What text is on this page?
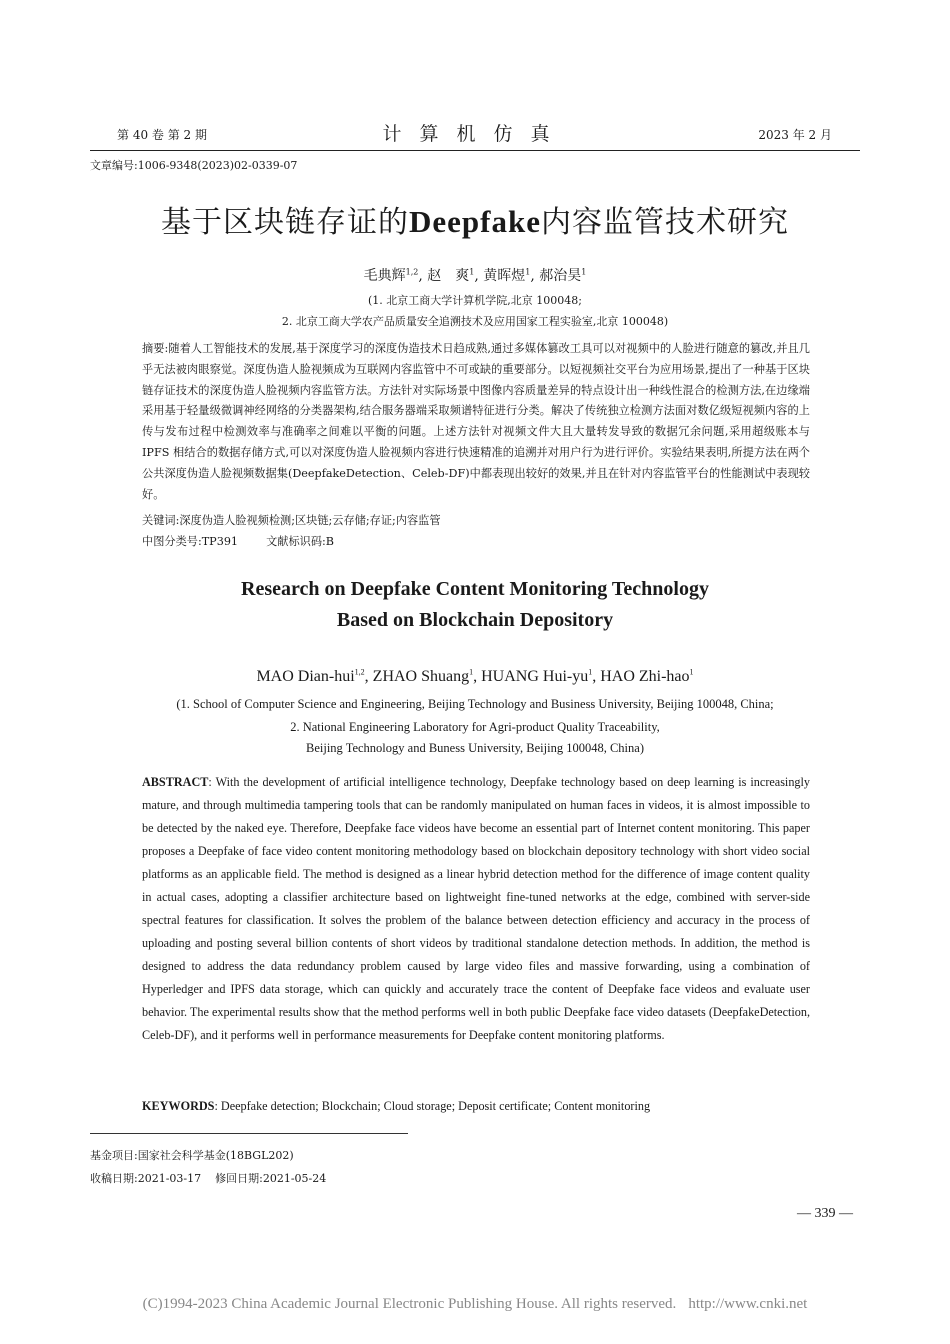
第 40 卷 第 2 期	计算机仿真	2023 年 2 月
文章编号:1006-9348(2023)02-0339-07
基于区块链存证的Deepfake内容监管技术研究
毛典辉$^{1,2}$, 赵　爽$^1$, 黄晖煜$^1$, 郝治昊$^1$
(1. 北京工商大学计算机学院,北京 100048;
2. 北京工商大学农产品质量安全追溯技术及应用国家工程实验室,北京 100048)
摘要:随着人工智能技术的发展,基于深度学习的深度伪造技术日趋成熟,通过多媒体篡改工具可以对视频中的人脸进行随意的篡改,并且几乎无法被肉眼察觉。深度伪造人脸视频成为互联网内容监管中不可或缺的重要部分。以短视频社交平台为应用场景,提出了一种基于区块链存证技术的深度伪造人脸视频内容监管方法。方法针对实际场景中图像内容质量差异的特点设计出一种线性混合的检测方法,在边缘端采用基于轻量级微调神经网络的分类器架构,结合服务器端采取频谱特征进行分类。解决了传统独立检测方法面对数亿级短视频内容的上传与发布过程中检测效率与准确率之间难以平衡的问题。上述方法针对视频文件大且大量转发导致的数据冗余问题,采用超级账本与 IPFS 相结合的数据存储方式,可以对深度伪造人脸视频内容进行快速精准的追溯并对用户行为进行评价。实验结果表明,所提方法在两个公共深度伪造人脸视频数据集(DeepfakeDetection、Celeb-DF)中都表现出较好的效果,并且在针对内容监管平台的性能测试中表现较好。
关键词:深度伪造人脸视频检测;区块链;云存储;存证;内容监管
中图分类号:TP391	文献标识码:B
Research on Deepfake Content Monitoring Technology
Based on Blockchain Depository
MAO Dian-hui$^{1,2}$, ZHAO Shuang$^1$, HUANG Hui-$yu^1$, HAO Zhi-hao$^1$
(1. School of Computer Science and Engineering, Beijing Technology and Business University, Beijing 100048, China;
2. National Engineering Laboratory for Agri-product Quality Traceability,
Beijing Technology and Buness University, Beijing 100048, China)
ABSTRACT: With the development of artificial intelligence technology, Deepfake technology based on deep learning is increasingly mature, and through multimedia tampering tools that can be randomly manipulated on human faces in videos, it is almost impossible to be detected by the naked eye. Therefore, Deepfake face videos have become an essential part of Internet content monitoring. This paper proposes a Deepfake of face video content monitoring methodology based on blockchain depository technology with short video social platforms as an applicable field. The method is designed as a linear hybrid detection method for the difference of image content quality in actual cases, adopting a classifier architecture based on lightweight fine-tuned networks at the edge, combined with server-side spectral features for classification. It solves the problem of the balance between detection efficiency and accuracy in the process of uploading and posting several billion contents of short videos by traditional standalone detection methods. In addition, the method is designed to address the data redundancy problem caused by large video files and massive forwarding, using a combination of Hyperledger and IPFS data storage, which can quickly and accurately trace the content of Deepfake face videos and evaluate user behavior. The experimental results show that the method performs well in both public Deepfake face video datasets (DeepfakeDetection, Celeb-DF), and it performs well in performance measurements for Deepfake content monitoring platforms.
KEYWORDS: Deepfake detection; Blockchain; Cloud storage; Deposit certificate; Content monitoring
基金项目:国家社会科学基金(18BGL202)
收稿日期:2021-03-17 修回日期:2021-05-24
— 339 —
(C)1994-2023 China Academic Journal Electronic Publishing House. All rights reserved. http://www.cnki.net
